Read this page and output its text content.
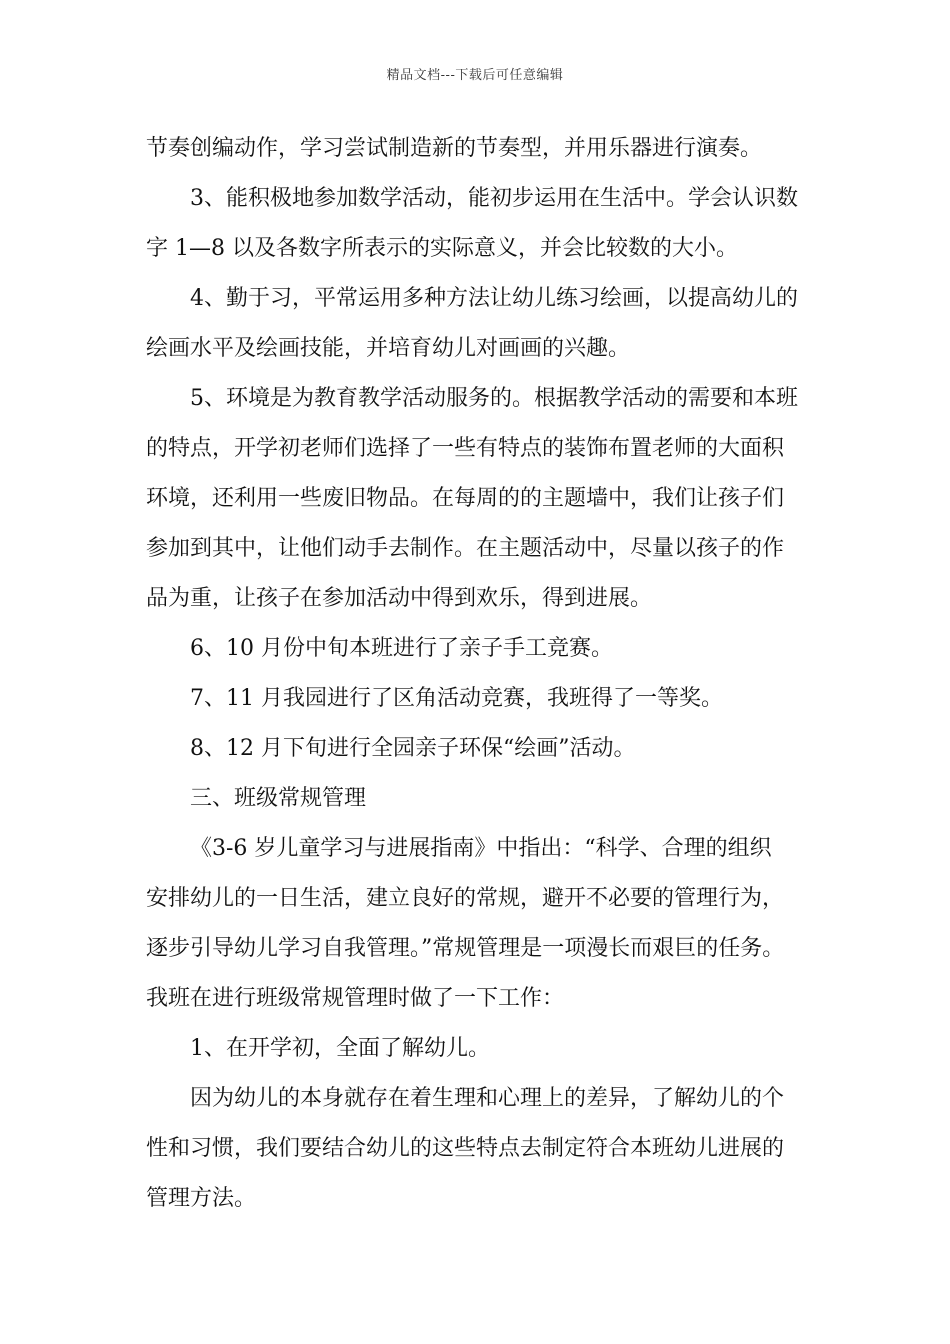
精品文档---下载后可任意编辑
节奏创编动作，学习尝试制造新的节奏型，并用乐器进行演奏。
3、能积极地参加数学活动，能初步运用在生活中。学会认识数
字 1—8 以及各数字所表示的实际意义，并会比较数的大小。
4、勤于习，平常运用多种方法让幼儿练习绘画，以提高幼儿的
绘画水平及绘画技能，并培育幼儿对画画的兴趣。
5、环境是为教育教学活动服务的。根据教学活动的需要和本班
的特点，开学初老师们选择了一些有特点的装饰布置老师的大面积
环境，还利用一些废旧物品。在每周的的主题墙中，我们让孩子们
参加到其中，让他们动手去制作。在主题活动中，尽量以孩子的作
品为重，让孩子在参加活动中得到欢乐，得到进展。
6、10 月份中旬本班进行了亲子手工竞赛。
7、11 月我园进行了区角活动竞赛，我班得了一等奖。
8、12 月下旬进行全园亲子环保“绘画”活动。
三、班级常规管理
《3-6 岁儿童学习与进展指南》中指出：“科学、合理的组织
安排幼儿的一日生活，建立良好的常规，避开不必要的管理行为，
逐步引导幼儿学习自我管理。”常规管理是一项漫长而艰巨的任务。
我班在进行班级常规管理时做了一下工作：
1、在开学初，全面了解幼儿。
因为幼儿的本身就存在着生理和心理上的差异，了解幼儿的个
性和习惯，我们要结合幼儿的这些特点去制定符合本班幼儿进展的
管理方法。
